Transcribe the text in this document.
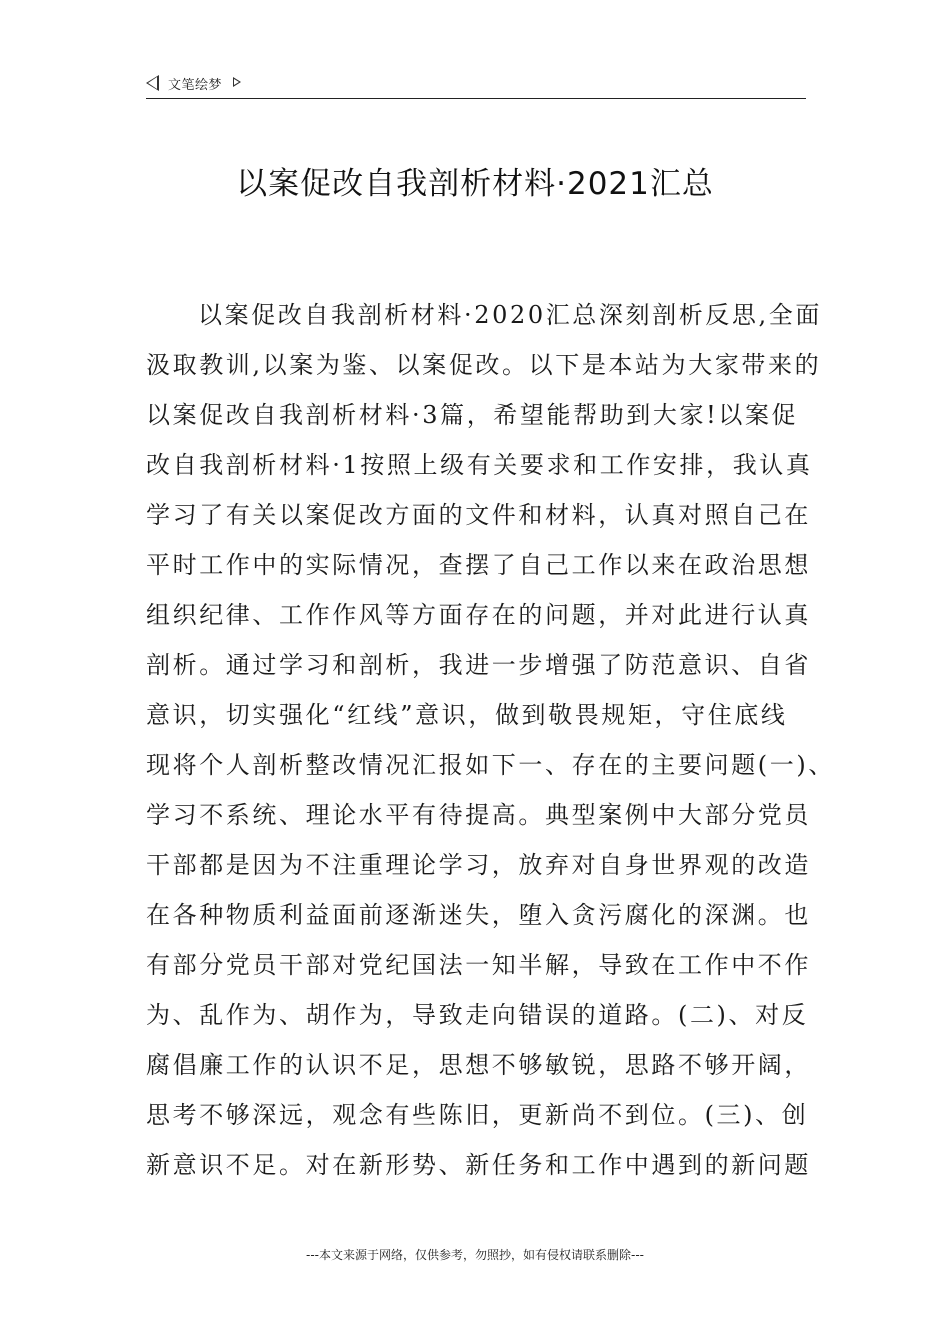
文笔绘梦
以案促改自我剖析材料·2021汇总
以案促改自我剖析材料·2020汇总深刻剖析反思,全面
汲取教训,以案为鉴、以案促改。以下是本站为大家带来的
以案促改自我剖析材料·3篇，希望能帮助到大家!以案促
改自我剖析材料·1按照上级有关要求和工作安排，我认真
学习了有关以案促改方面的文件和材料，认真对照自己在
平时工作中的实际情况，查摆了自己工作以来在政治思想
组织纪律、工作作风等方面存在的问题，并对此进行认真
剖析。通过学习和剖析，我进一步增强了防范意识、自省
意识，切实强化“红线”意识，做到敬畏规矩，守住底线
现将个人剖析整改情况汇报如下一、存在的主要问题(一)、
学习不系统、理论水平有待提高。典型案例中大部分党员
干部都是因为不注重理论学习，放弃对自身世界观的改造
在各种物质利益面前逐渐迷失，堕入贪污腐化的深渊。也
有部分党员干部对党纪国法一知半解，导致在工作中不作
为、乱作为、胡作为，导致走向错误的道路。(二)、对反
腐倡廉工作的认识不足，思想不够敏锐，思路不够开阔，
思考不够深远，观念有些陈旧，更新尚不到位。(三)、创
新意识不足。对在新形势、新任务和工作中遇到的新问题
---本文来源于网络，仅供参考，勿照抄，如有侵权请联系删除---
